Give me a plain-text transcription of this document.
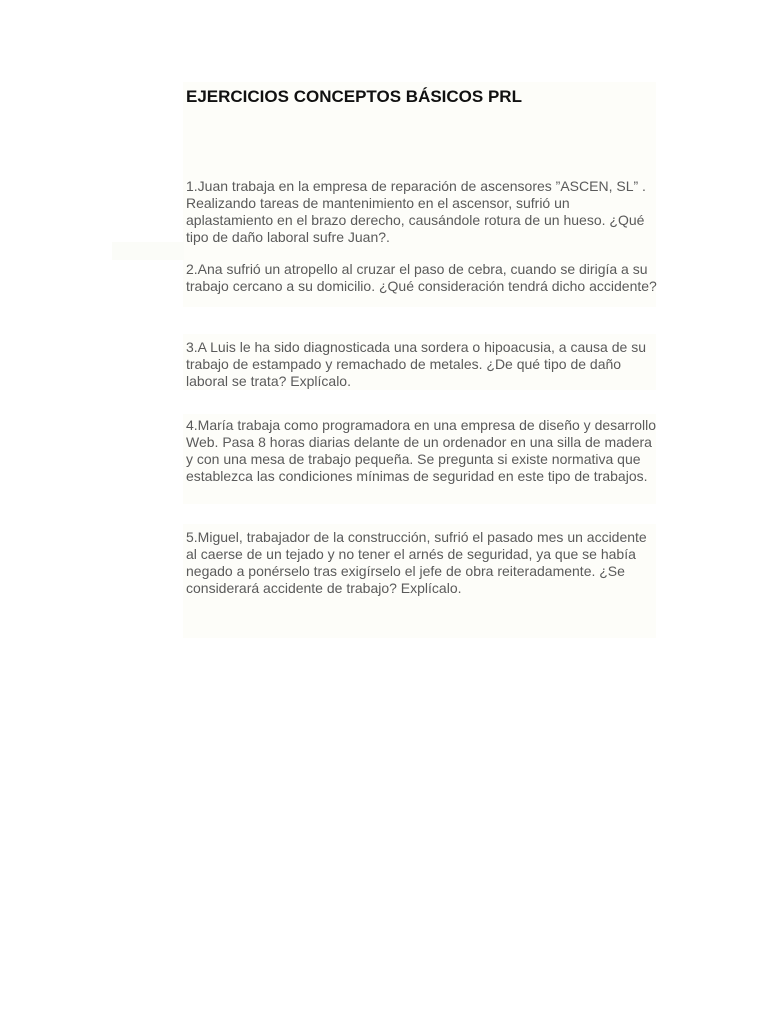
EJERCICIOS CONCEPTOS BÁSICOS PRL

1.Juan trabaja en la empresa de reparación de ascensores ”ASCEN, SL” . Realizando tareas de mantenimiento en el ascensor, sufrió un aplastamiento en el brazo derecho, causándole rotura de un hueso. ¿Qué tipo de daño laboral sufre Juan?.

2.Ana sufrió un atropello al cruzar el paso de cebra, cuando se dirigía a su trabajo cercano a su domicilio. ¿Qué consideración tendrá dicho accidente?

3.A Luis le ha sido diagnosticada una sordera o hipoacusia, a causa de su trabajo de estampado y remachado de metales. ¿De qué tipo de daño laboral se trata? Explícalo.

4.María trabaja como programadora en una empresa de diseño y desarrollo Web. Pasa 8 horas diarias delante de un ordenador en una silla de madera y con una mesa de trabajo pequeña. Se pregunta si existe normativa que establezca las condiciones mínimas de seguridad en este tipo de trabajos.

5.Miguel, trabajador de la construcción, sufrió el pasado mes un accidente al caerse de un tejado y no tener el arnés de seguridad, ya que se había negado a ponérselo tras exigírselo el jefe de obra reiteradamente. ¿Se considerará accidente de trabajo? Explícalo.
